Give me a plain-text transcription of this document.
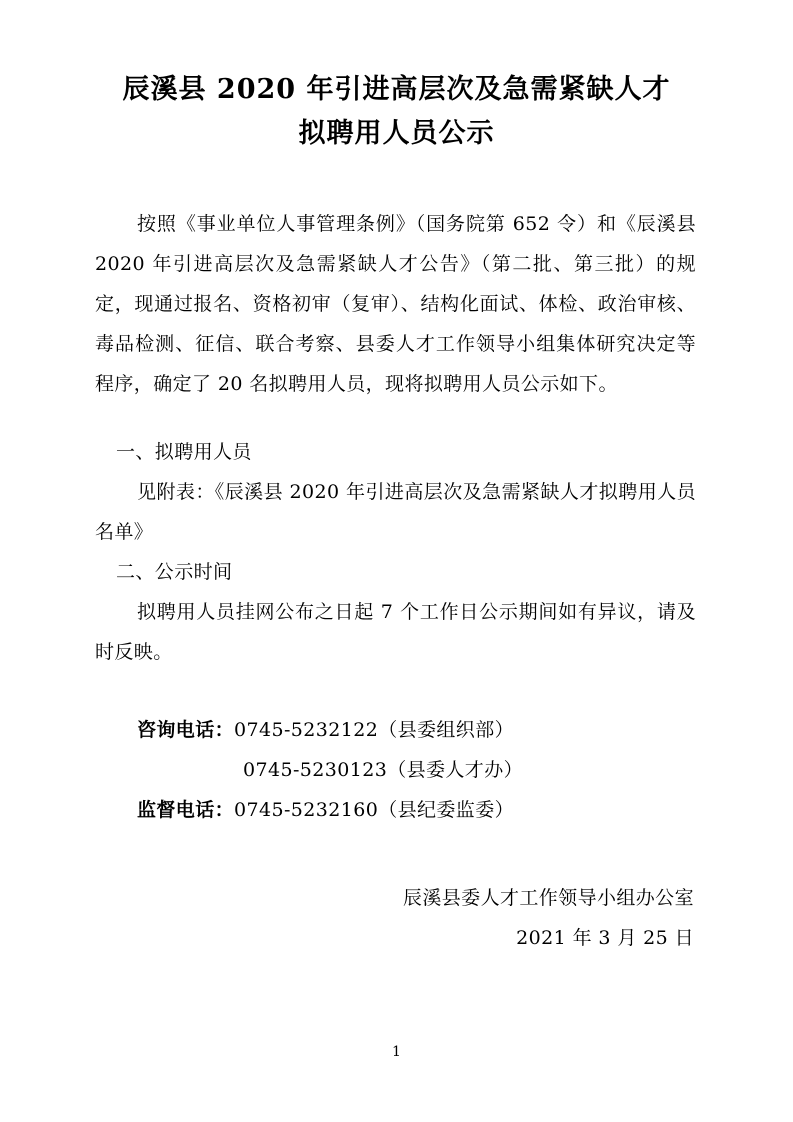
辰溪县 2020 年引进高层次及急需紧缺人才
拟聘用人员公示

按照《事业单位人事管理条例》（国务院第 652 令）和《辰溪县 2020 年引进高层次及急需紧缺人才公告》（第二批、第三批）的规定，现通过报名、资格初审（复审）、结构化面试、体检、政治审核、毒品检测、征信、联合考察、县委人才工作领导小组集体研究决定等程序，确定了 20 名拟聘用人员，现将拟聘用人员公示如下。

一、拟聘用人员

见附表：《辰溪县 2020 年引进高层次及急需紧缺人才拟聘用人员名单》

二、公示时间

拟聘用人员挂网公布之日起 7 个工作日公示期间如有异议，请及时反映。

咨询电话：0745-5232122（县委组织部）
0745-5230123（县委人才办）
监督电话：0745-5232160（县纪委监委）
辰溪县委人才工作领导小组办公室
2021 年 3 月 25 日
1
